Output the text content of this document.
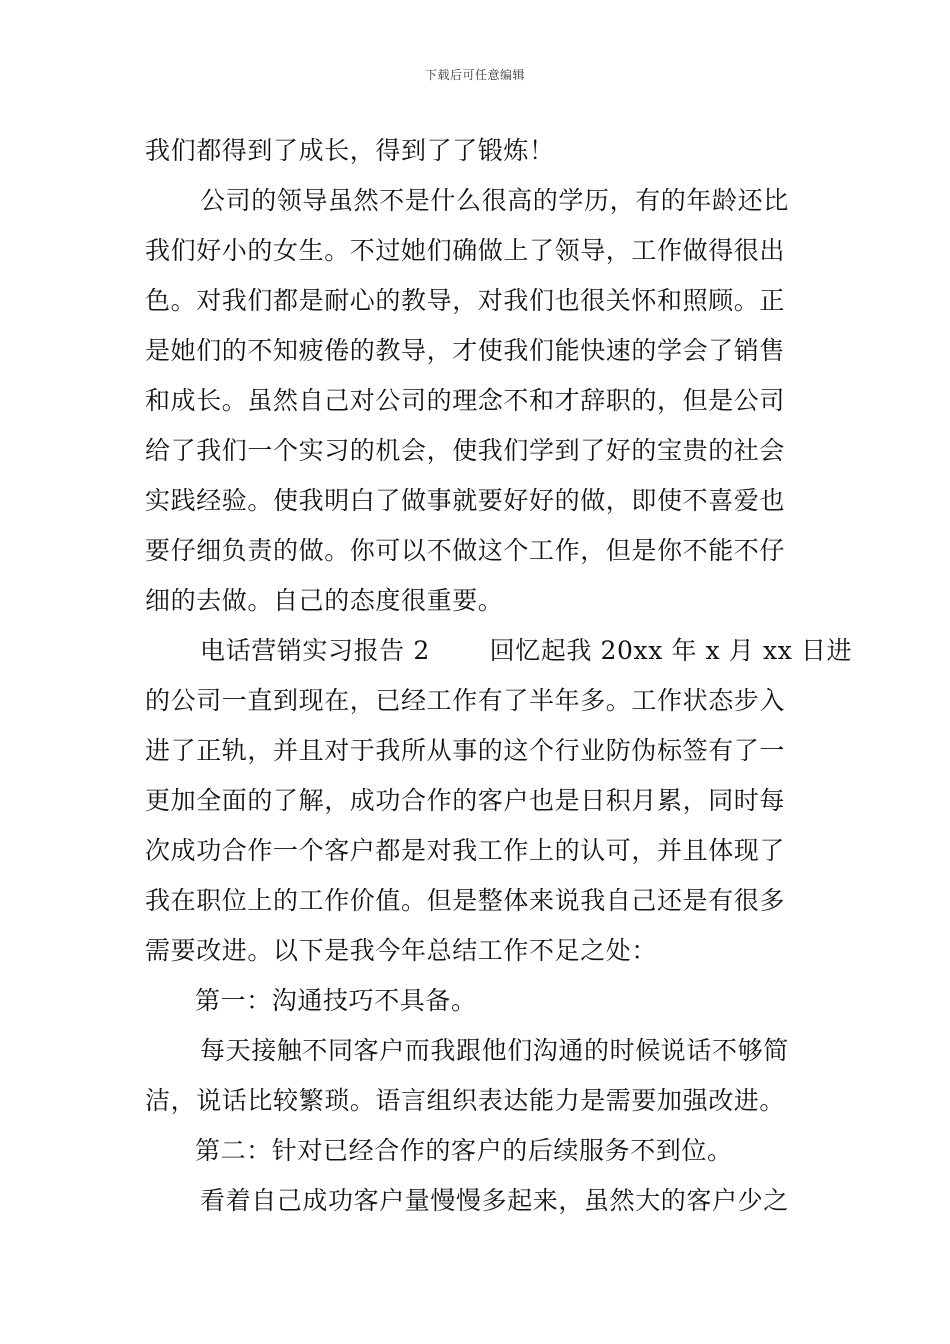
下载后可任意编辑
我们都得到了成长，得到了了锻炼！
公司的领导虽然不是什么很高的学历，有的年龄还比
我们好小的女生。不过她们确做上了领导，工作做得很出
色。对我们都是耐心的教导，对我们也很关怀和照顾。正
是她们的不知疲倦的教导，才使我们能快速的学会了销售
和成长。虽然自己对公司的理念不和才辞职的，但是公司
给了我们一个实习的机会，使我们学到了好的宝贵的社会
实践经验。使我明白了做事就要好好的做，即使不喜爱也
要仔细负责的做。你可以不做这个工作，但是你不能不仔
细的去做。自己的态度很重要。
电话营销实习报告 2　　 回忆起我 20xx 年 x 月 xx 日进
的公司一直到现在，已经工作有了半年多。工作状态步入
进了正轨，并且对于我所从事的这个行业防伪标签有了一
更加全面的了解，成功合作的客户也是日积月累，同时每
次成功合作一个客户都是对我工作上的认可，并且体现了
我在职位上的工作价值。但是整体来说我自己还是有很多
需要改进。以下是我今年总结工作不足之处：
第一：沟通技巧不具备。
每天接触不同客户而我跟他们沟通的时候说话不够简
洁，说话比较繁琐。语言组织表达能力是需要加强改进。
第二：针对已经合作的客户的后续服务不到位。
看着自己成功客户量慢慢多起来，虽然大的客户少之
